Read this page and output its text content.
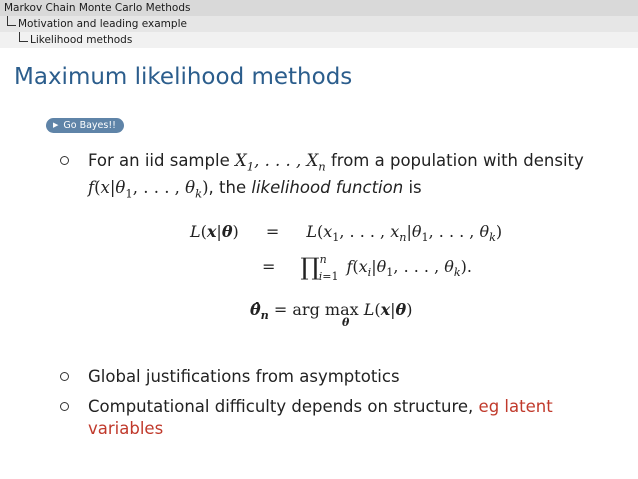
Markov Chain Monte Carlo Methods
Motivation and leading example
Likelihood methods
Maximum likelihood methods
▶ Go Bayes!!
For an iid sample $X_1$, . . . , $X_n$ from a population with density
$f(x|\theta_1$, . . . , $\theta_k$), the likelihood function is
$L(x|\theta) = L(x_1$, . . . , $x_n|\theta_1$, . . . , $\theta_k$)
= $\prod^n_{i=1}f(x_i|\theta_1$, . . . , $\theta_k$).
$\thetâ_n$ = arg max L(x|θ)
θ
Global justifications from asymptotics
Computational difficulty depends on structure, eg latent variables
